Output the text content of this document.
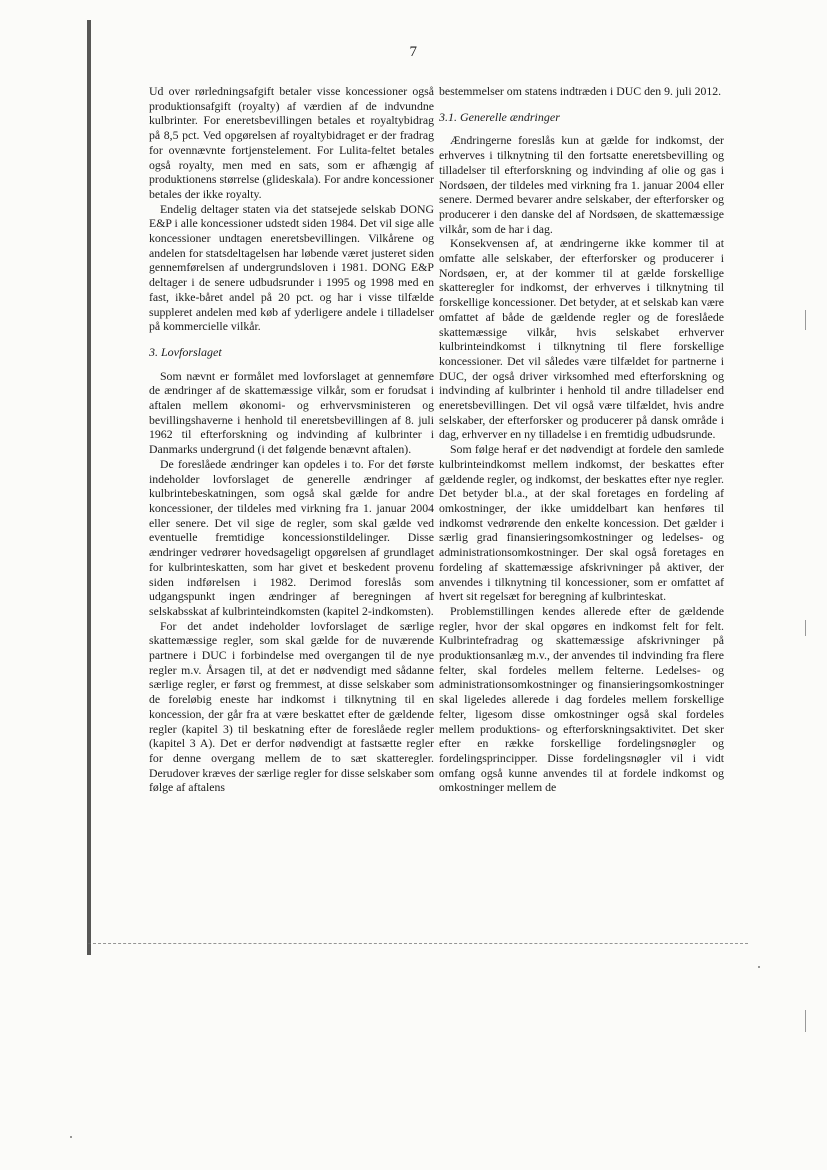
7

Ud over rørledningsafgift betaler visse koncessioner også produktionsafgift (royalty) af værdien af de indvundne kulbrinter. For eneretsbevillingen betales et royaltybidrag på 8,5 pct. Ved opgørelsen af royaltybidraget er der fradrag for ovennævnte fortjenstelement. For Lulita-feltet betales også royalty, men med en sats, som er afhængig af produktionens størrelse (glideskala). For andre koncessioner betales der ikke royalty.

Endelig deltager staten via det statsejede selskab DONG E&P i alle koncessioner udstedt siden 1984. Det vil sige alle koncessioner undtagen eneretsbevillingen. Vilkårene og andelen for statsdeltagelsen har løbende været justeret siden gennemførelsen af undergrundsloven i 1981. DONG E&P deltager i de senere udbudsrunder i 1995 og 1998 med en fast, ikke-båret andel på 20 pct. og har i visse tilfælde suppleret andelen med køb af yderligere andele i tilladelser på kommercielle vilkår.

3. Lovforslaget

Som nævnt er formålet med lovforslaget at gennemføre de ændringer af de skattemæssige vilkår, som er forudsat i aftalen mellem økonomi- og erhvervsministeren og bevillingshaverne i henhold til eneretsbevillingen af 8. juli 1962 til efterforskning og indvinding af kulbrinter i Danmarks undergrund (i det følgende benævnt aftalen).

De foreslåede ændringer kan opdeles i to. For det første indeholder lovforslaget de generelle ændringer af kulbrintebeskatningen, som også skal gælde for andre koncessioner, der tildeles med virkning fra 1. januar 2004 eller senere. Det vil sige de regler, som skal gælde ved eventuelle fremtidige koncessionstildelinger. Disse ændringer vedrører hovedsageligt opgørelsen af grundlaget for kulbrinteskatten, som har givet et beskedent provenu siden indførelsen i 1982. Derimod foreslås som udgangspunkt ingen ændringer af beregningen af selskabsskat af kulbrinteindkomsten (kapitel 2-indkomsten).

For det andet indeholder lovforslaget de særlige skattemæssige regler, som skal gælde for de nuværende partnere i DUC i forbindelse med overgangen til de nye regler m.v. Årsagen til, at det er nødvendigt med sådanne særlige regler, er først og fremmest, at disse selskaber som de foreløbig eneste har indkomst i tilknytning til en koncession, der går fra at være beskattet efter de gældende regler (kapitel 3) til beskatning efter de foreslåede regler (kapitel 3 A). Det er derfor nødvendigt at fastsætte regler for denne overgang mellem de to sæt skatteregler. Derudover kræves der særlige regler for disse selskaber som følge af aftalens

bestemmelser om statens indtræden i DUC den 9. juli 2012.

3.1. Generelle ændringer

Ændringerne foreslås kun at gælde for indkomst, der erhverves i tilknytning til den fortsatte eneretsbevilling og tilladelser til efterforskning og indvinding af olie og gas i Nordsøen, der tildeles med virkning fra 1. januar 2004 eller senere. Dermed bevarer andre selskaber, der efterforsker og producerer i den danske del af Nordsøen, de skattemæssige vilkår, som de har i dag.

Konsekvensen af, at ændringerne ikke kommer til at omfatte alle selskaber, der efterforsker og producerer i Nordsøen, er, at der kommer til at gælde forskellige skatteregler for indkomst, der erhverves i tilknytning til forskellige koncessioner. Det betyder, at et selskab kan være omfattet af både de gældende regler og de foreslåede skattemæssige vilkår, hvis selskabet erhverver kulbrinteindkomst i tilknytning til flere forskellige koncessioner. Det vil således være tilfældet for partnerne i DUC, der også driver virksomhed med efterforskning og indvinding af kulbrinter i henhold til andre tilladelser end eneretsbevillingen. Det vil også være tilfældet, hvis andre selskaber, der efterforsker og producerer på dansk område i dag, erhverver en ny tilladelse i en fremtidig udbudsrunde.

Som følge heraf er det nødvendigt at fordele den samlede kulbrinteindkomst mellem indkomst, der beskattes efter gældende regler, og indkomst, der beskattes efter nye regler. Det betyder bl.a., at der skal foretages en fordeling af omkostninger, der ikke umiddelbart kan henføres til indkomst vedrørende den enkelte koncession. Det gælder i særlig grad finansieringsomkostninger og ledelses- og administrationsomkostninger. Der skal også foretages en fordeling af skattemæssige afskrivninger på aktiver, der anvendes i tilknytning til koncessioner, som er omfattet af hvert sit regelsæt for beregning af kulbrinteskat.

Problemstillingen kendes allerede efter de gældende regler, hvor der skal opgøres en indkomst felt for felt. Kulbrintefradrag og skattemæssige afskrivninger på produktionsanlæg m.v., der anvendes til indvinding fra flere felter, skal fordeles mellem felterne. Ledelses- og administrationsomkostninger og finansieringsomkostninger skal ligeledes allerede i dag fordeles mellem forskellige felter, ligesom disse omkostninger også skal fordeles mellem produktions- og efterforskningsaktivitet. Det sker efter en række forskellige fordelingsnøgler og fordelingsprincipper. Disse fordelingsnøgler vil i vidt omfang også kunne anvendes til at fordele indkomst og omkostninger mellem de
